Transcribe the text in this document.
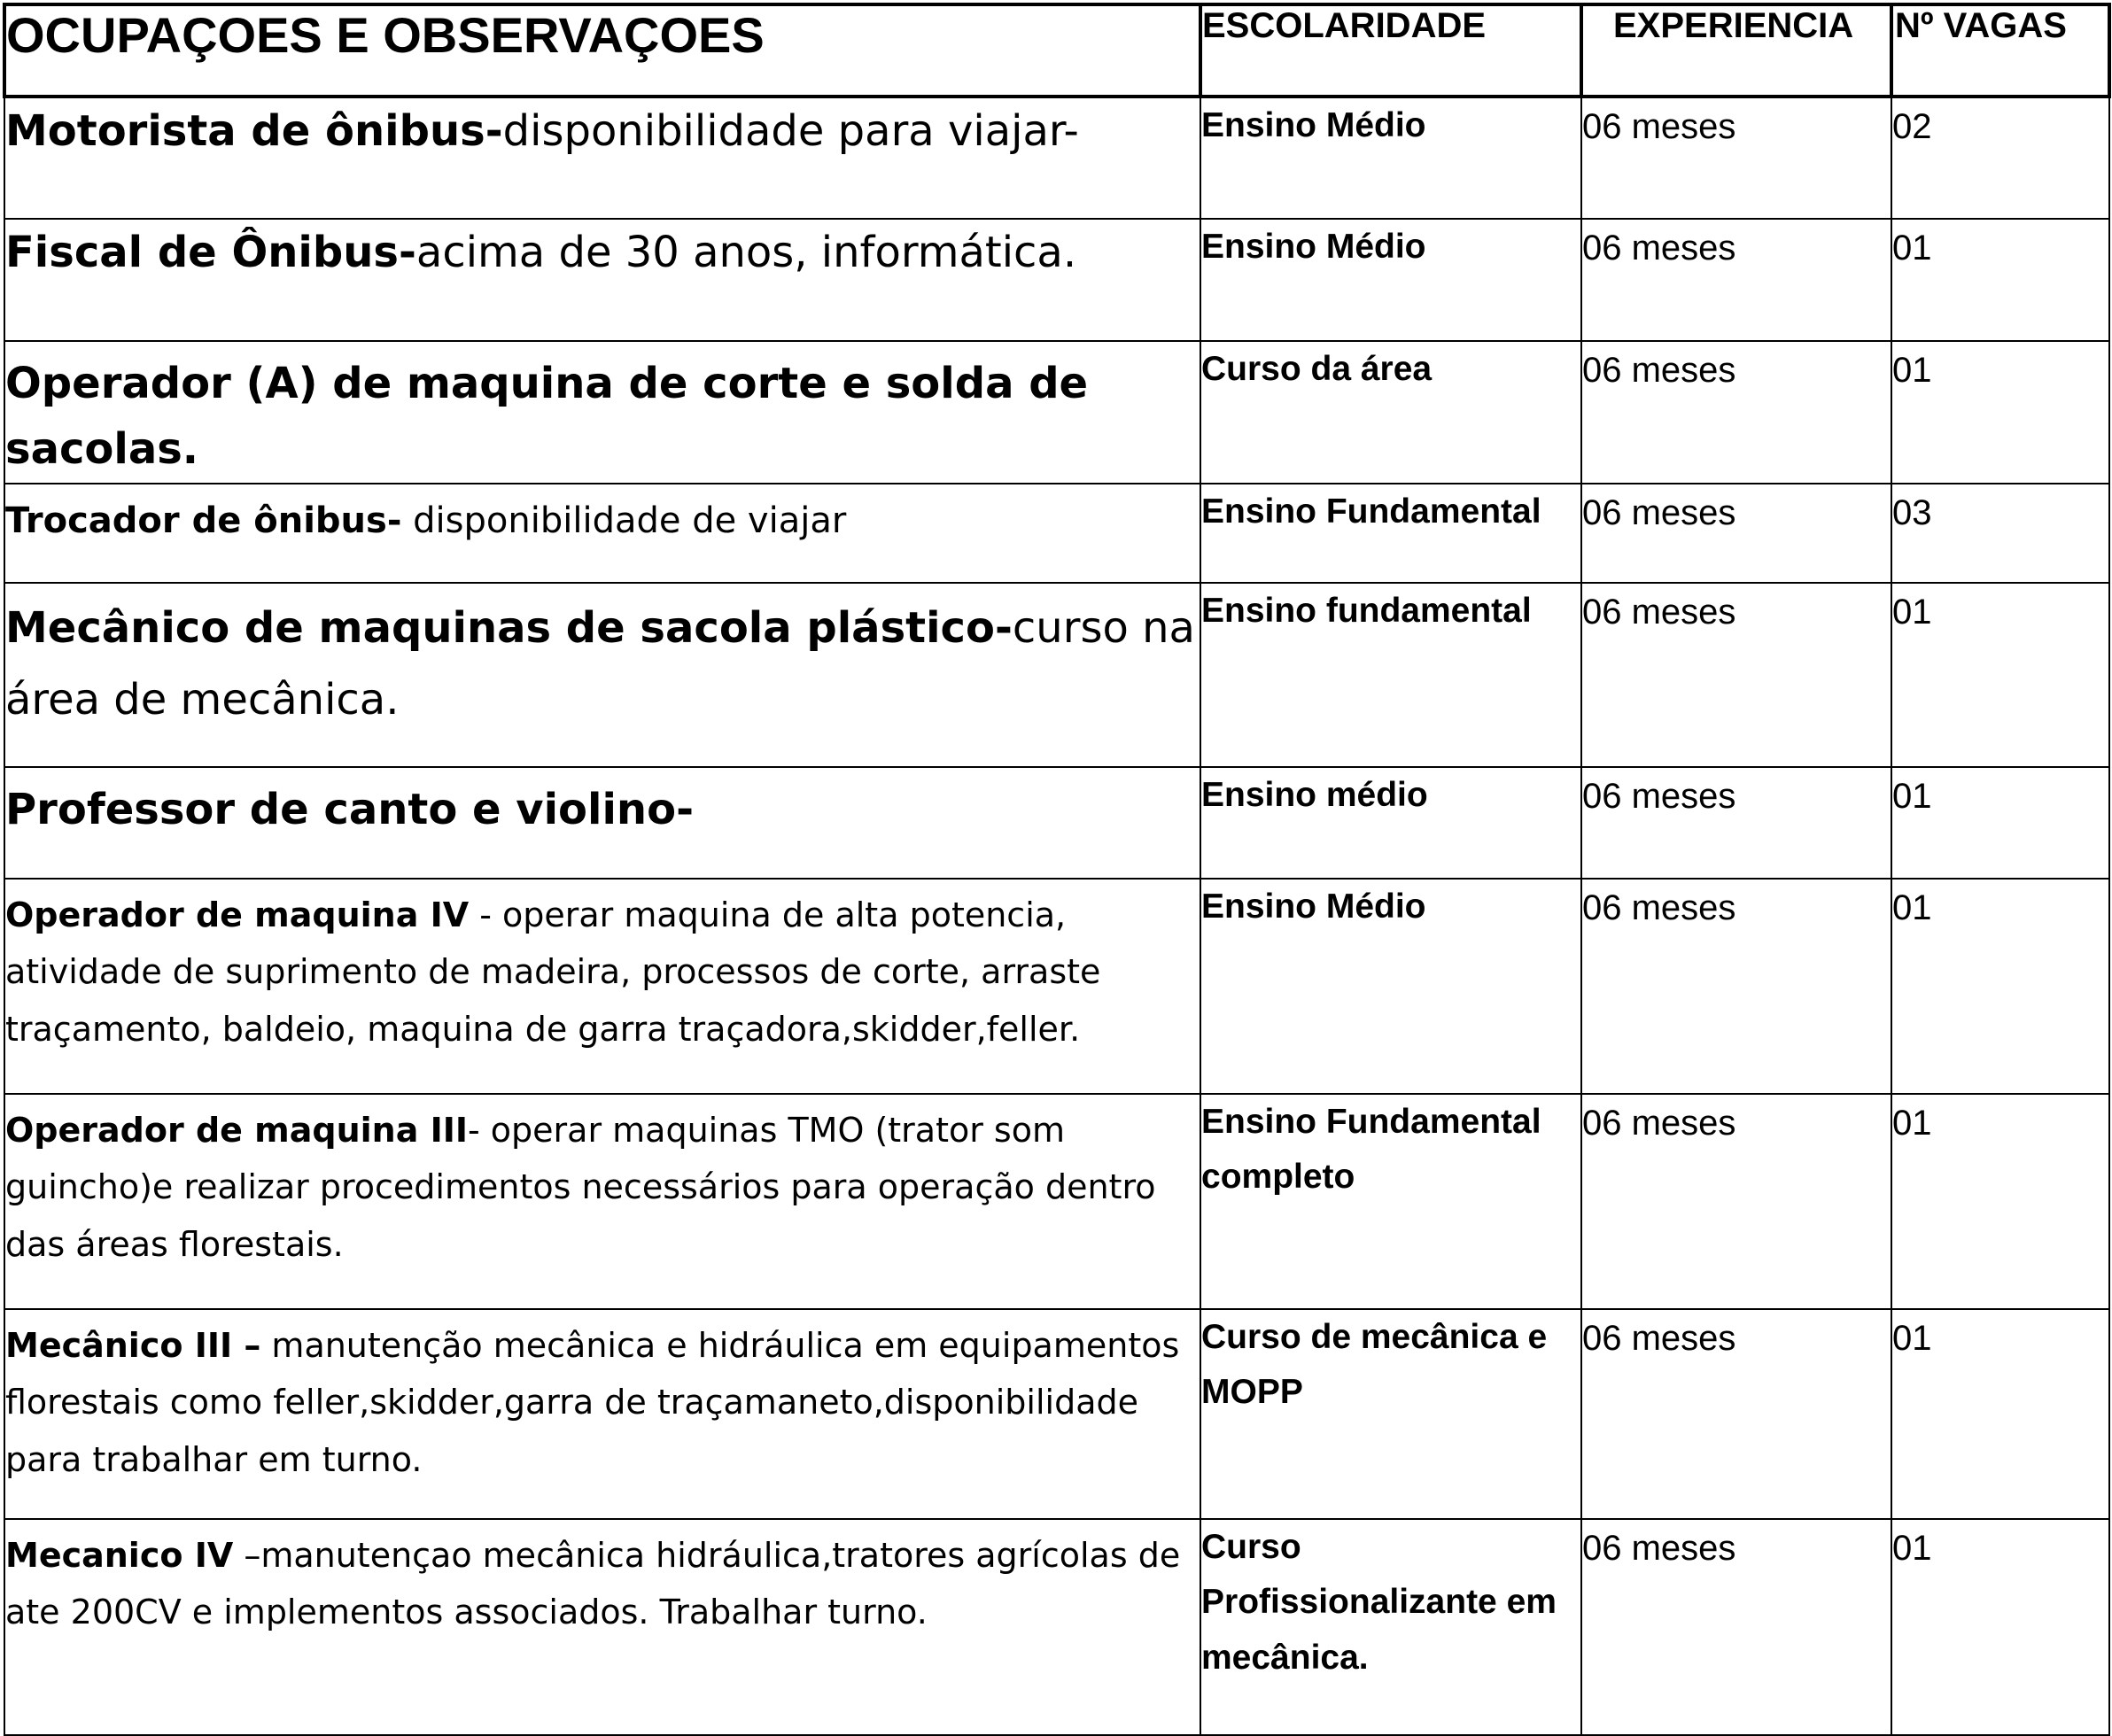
OCUPAÇOES E OBSERVAÇOES	ESCOLARIDADE	EXPERIENCIA	Nº VAGAS
Motorista de ônibus-disponibilidade para viajar-	Ensino Médio	06 meses	02
Fiscal de Ônibus-acima de 30 anos, informática.	Ensino Médio	06 meses	01
Operador (A) de maquina de corte e solda de sacolas.	Curso da área	06 meses	01
Trocador de ônibus- disponibilidade de viajar	Ensino Fundamental	06 meses	03
Mecânico de maquinas de sacola plástico-curso na área de mecânica.	Ensino fundamental	06 meses	01
Professor de canto e violino-	Ensino médio	06 meses	01
Operador de maquina IV - operar maquina de alta potencia, atividade de suprimento de madeira, processos de corte, arraste traçamento, baldeio, maquina de garra traçadora,skidder,feller.	Ensino Médio	06 meses	01
Operador de maquina III- operar maquinas TMO (trator som guincho)e realizar procedimentos necessários para operação dentro das áreas florestais.	Ensino Fundamental completo	06 meses	01
Mecânico III – manutenção mecânica e hidráulica em equipamentos florestais como feller,skidder,garra de traçamaneto,disponibilidade para trabalhar em turno.	Curso de mecânica e MOPP	06 meses	01
Mecanico IV –manutençao mecânica hidráulica,tratores agrícolas de ate 200CV e implementos associados. Trabalhar turno.	Curso Profissionalizante em mecânica.	06 meses	01
